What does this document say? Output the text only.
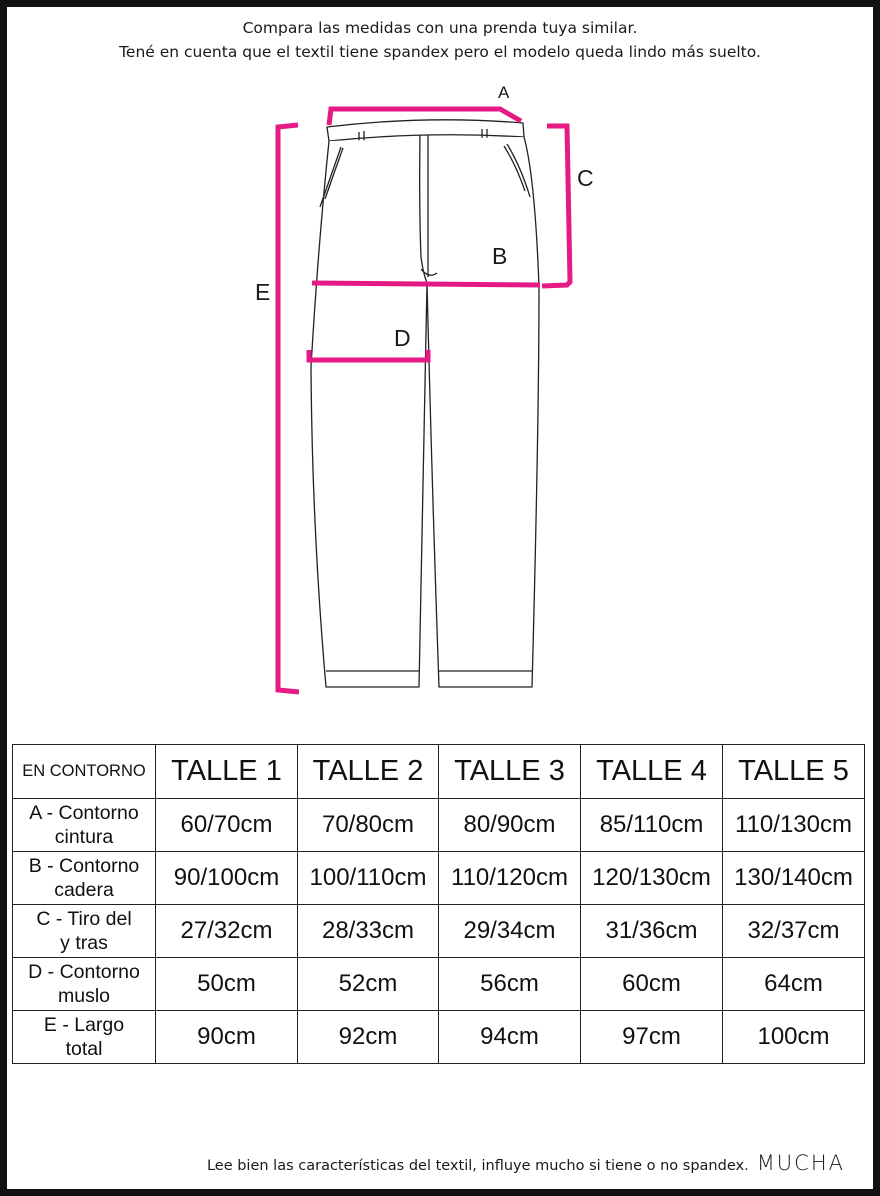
Compara las medidas con una prenda tuya similar.
Tené en cuenta que el textil tiene spandex pero el modelo queda lindo más suelto.
A
C
B
E
D
EN CONTORNO	TALLE 1	TALLE 2	TALLE 3	TALLE 4	TALLE 5
A - Contorno
cintura	60/70cm	70/80cm	80/90cm	85/110cm	110/130cm
B - Contorno
cadera	90/100cm	100/110cm	110/120cm	120/130cm	130/140cm
C - Tiro del
y tras	27/32cm	28/33cm	29/34cm	31/36cm	32/37cm
D - Contorno
muslo	50cm	52cm	56cm	60cm	64cm
E - Largo
total	90cm	92cm	94cm	97cm	100cm
Lee bien las características del textil, influye mucho si tiene o no spandex. MUCHA
